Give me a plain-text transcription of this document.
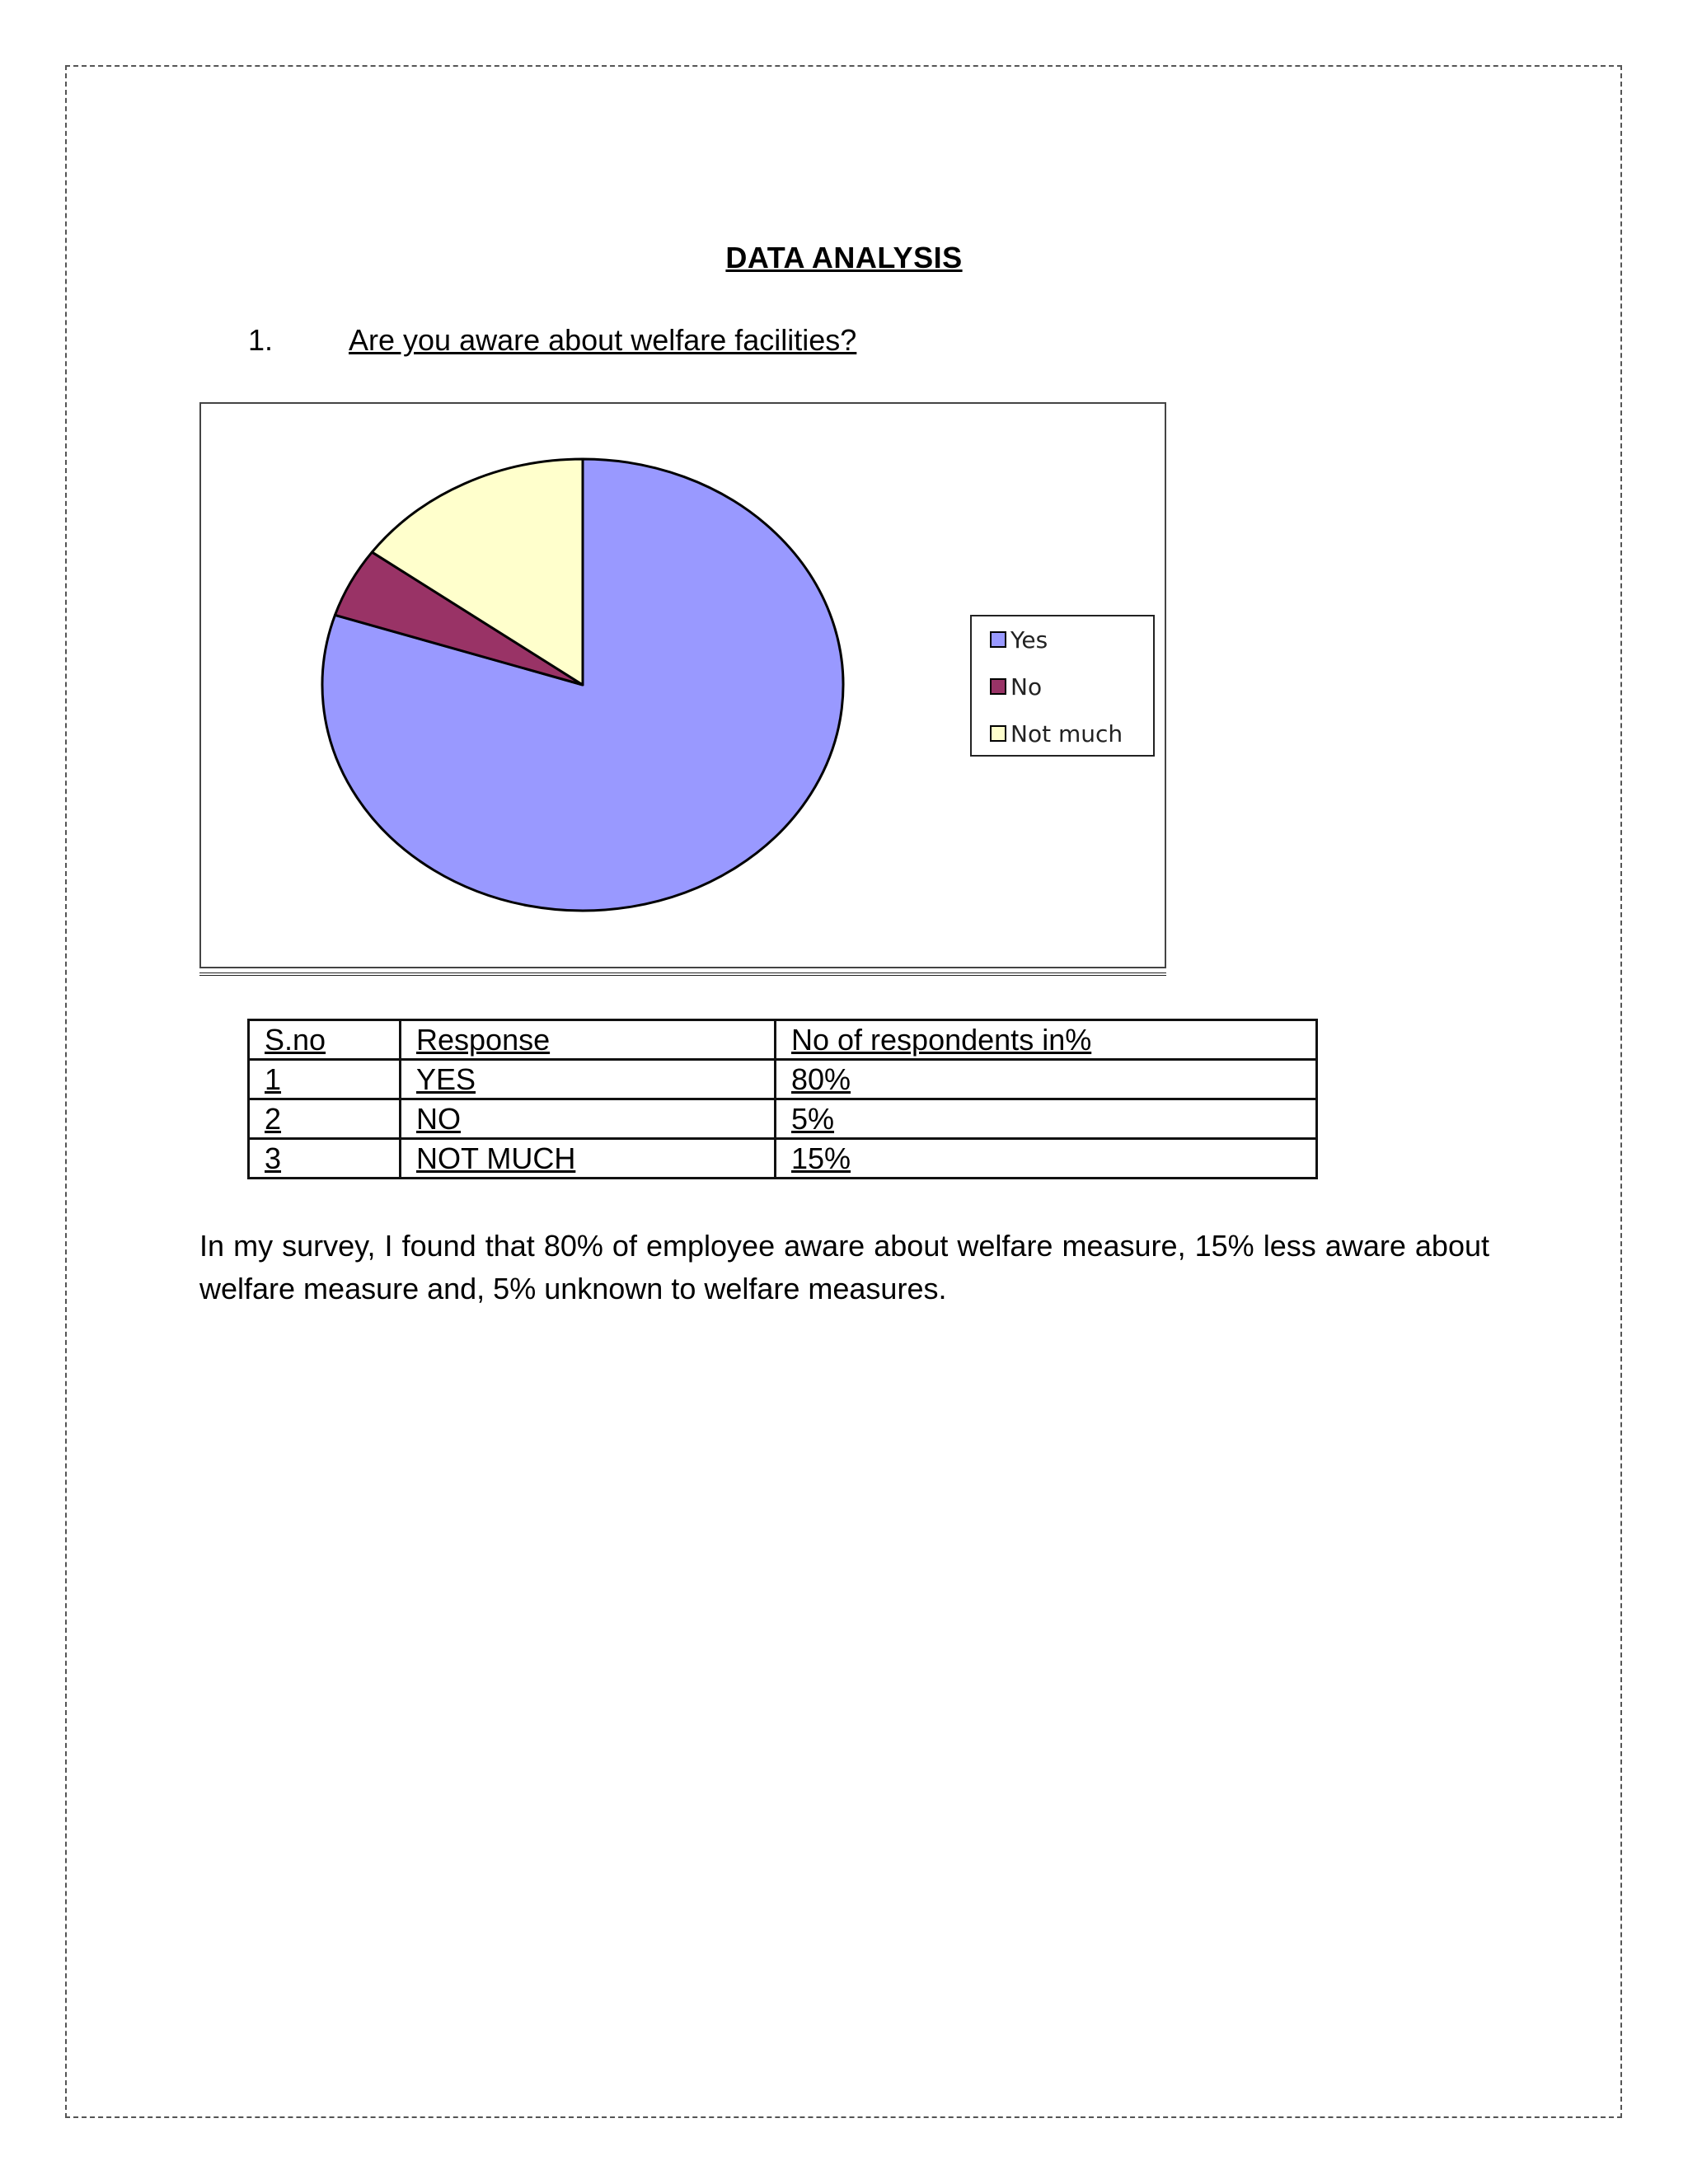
DATA ANALYSIS
1.	Are you aware about welfare facilities?
Yes
No
Not much
S.no	Response	No of respondents in%
1	YES	80%
2	NO	5%
3	NOT MUCH	15%
In my survey, I found that 80% of employee aware about welfare measure, 15% less aware about welfare measure and, 5% unknown to welfare measures.
